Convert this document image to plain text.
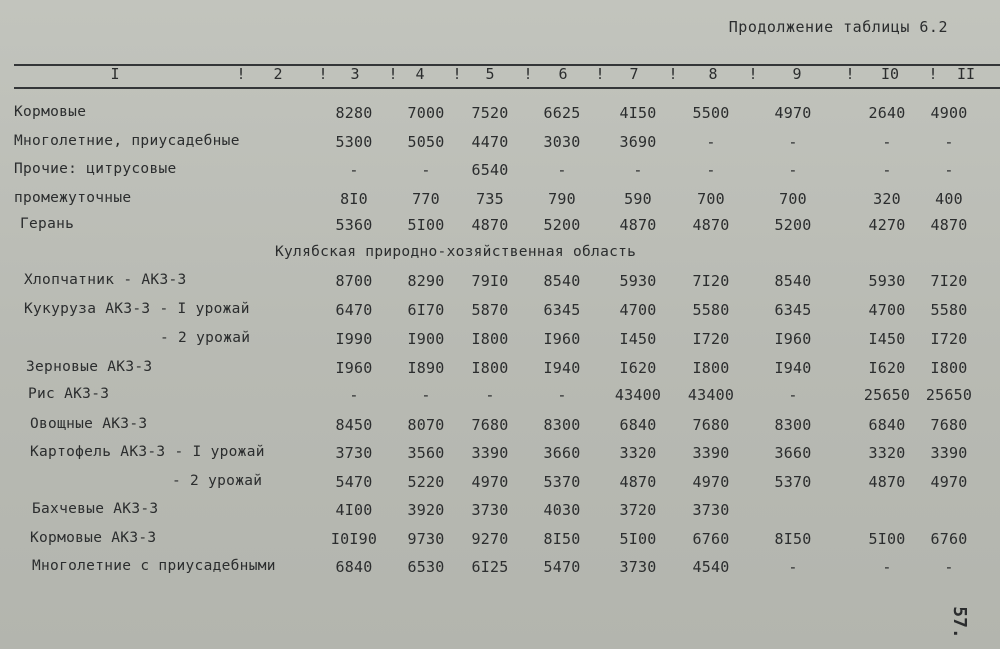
Продолжение таблицы 6.2
I	!	2	!	3	!	4	!	5	!	6	!	7	!	8	!	9	!	I0	!	II
Кормовые	8280	7000	7520	6625	4I50	5500	4970	2640	4900
Многолетние, приусадебные	5300	5050	4470	3030	3690	-	-	-	-
Прочие: цитрусовые	-	-	6540	-	-	-	-	-	-
промежуточные	8I0	770	735	790	590	700	700	320	400
Герань	5360	5I00	4870	5200	4870	4870	5200	4270	4870
Кулябская природно-хозяйственная область
Хлопчатник - АКЗ-3	8700	8290	79I0	8540	5930	7I20	8540	5930	7I20
Кукуруза АКЗ-3 - I урожай	6470	6I70	5870	6345	4700	5580	6345	4700	5580
- 2 урожай	I990	I900	I800	I960	I450	I720	I960	I450	I720
Зерновые АКЗ-3	I960	I890	I800	I940	I620	I800	I940	I620	I800
Рис АКЗ-3	-	-	-	-	43400	43400	-	25650	25650
Овощные АКЗ-3	8450	8070	7680	8300	6840	7680	8300	6840	7680
Картофель АКЗ-3 - I урожай	3730	3560	3390	3660	3320	3390	3660	3320	3390
- 2 урожай	5470	5220	4970	5370	4870	4970	5370	4870	4970
Бахчевые АКЗ-3	4I00	3920	3730	4030	3720	3730
Кормовые АКЗ-3	I0I90	9730	9270	8I50	5I00	6760	8I50	5I00	6760
Многолетние с приусадебными	6840	6530	6I25	5470	3730	4540	-	-	-
57.
